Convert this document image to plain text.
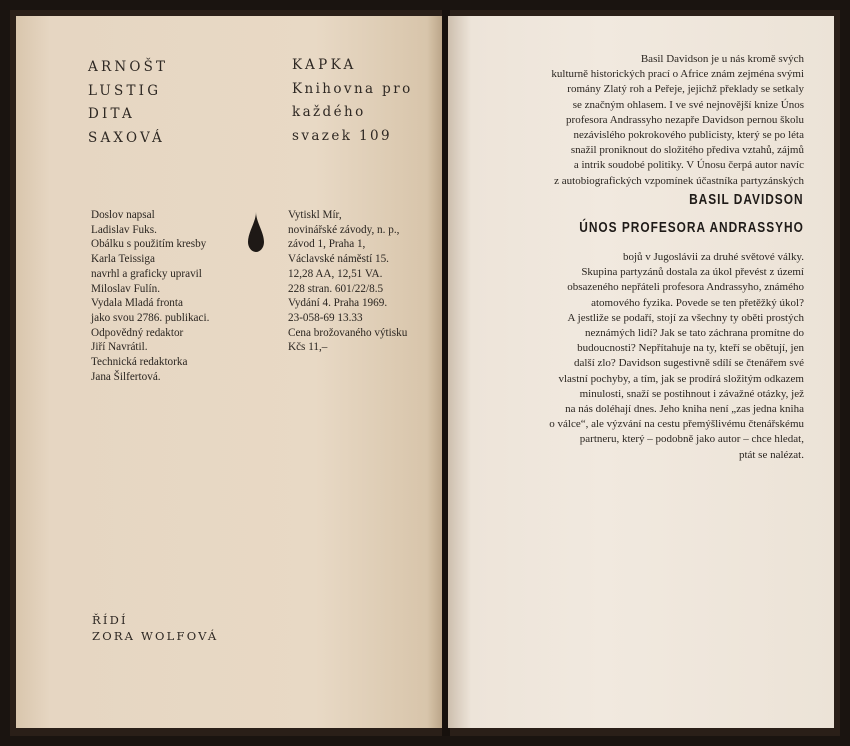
ARNOŠT
LUSTIG
DITA
SAXOVÁ
KAPKA
Knihovna pro
každého
svazek 109
Doslov napsal
Ladislav Fuks.
Obálku s použitím kresby
Karla Teissiga
navrhl a graficky upravil
Miloslav Fulín.
Vydala Mladá fronta
jako svou 2786. publikaci.
Odpovědný redaktor
Jiří Navrátil.
Technická redaktorka
Jana Šilfertová.
Vytiskl Mír,
novinářské závody, n. p.,
závod 1, Praha 1,
Václavské náměstí 15.
12,28 AA, 12,51 VA.
228 stran. 601/22/8.5
Vydání 4. Praha 1969.
23-058-69 13.33
Cena brožovaného výtisku
Kčs 11,–
ŘÍDÍ
ZORA WOLFOVÁ
Basil Davidson je u nás kromě svých
kulturně historických prací o Africe znám zejména svými
romány Zlatý roh a Peřeje, jejichž překlady se setkaly
se značným ohlasem. I ve své nejnovější knize Únos
profesora Andrassyho nezapře Davidson pernou školu
nezávislého pokrokového publicisty, který se po léta
snažil proniknout do složitého předivа vztahů, zájmů
a intrik soudobé politiky. V Únosu čerpá autor navíc
z autobiografických vzpomínek účastníka partyzánských
BASIL DAVIDSON
ÚNOS PROFESORA ANDRASSYHO
bojů v Jugoslávii za druhé světové války.
Skupina partyzánů dostala za úkol převést z území
obsazeného nepřáteli profesora Andrassyho, známého
atomového fyzika. Povede se ten přetěžký úkol?
A jestliže se podaří, stojí za všechny ty oběti prostých
neznámých lidí? Jak se tato záchrana promítne do
budoucnosti? Nepřítahuje na ty, kteří se obětují, jen
další zlo? Davidson sugestivně sdílí se čtenářem své
vlastní pochyby, a tím, jak se prodírá složitým odkazem
minulosti, snaží se postihnout i závažné otázky, jež
na nás doléhají dnes. Jeho kniha není „zas jedna kniha
o válce“, ale výzvání na cestu přemýšlivému čtenářskému
partneru, který – podobně jako autor – chce hledat,
ptát se nalézat.
